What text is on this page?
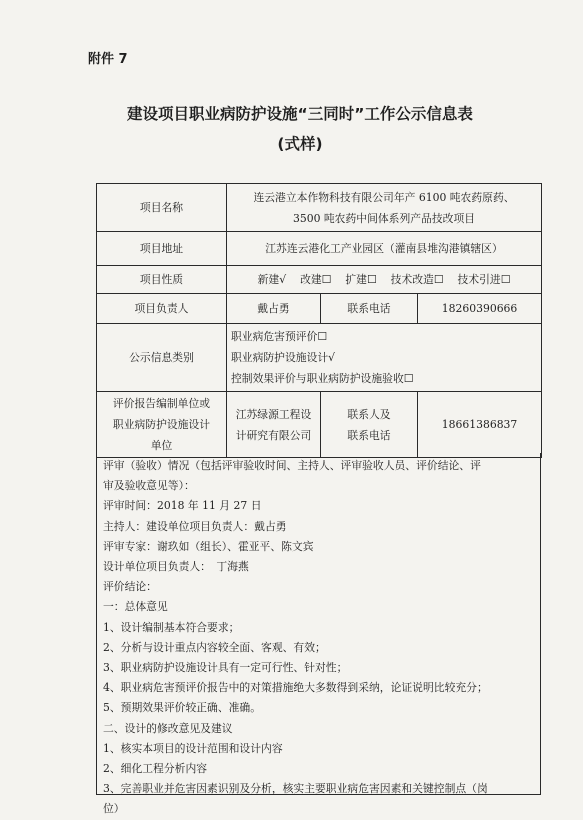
附件 7
建设项目职业病防护设施“三同时”工作公示信息表
(式样)
项目名称	连云港立本作物科技有限公司年产 6100 吨农药原药、
3500 吨农药中间体系列产品技改项目		

项目地址	江苏连云港化工产业园区（灌南县堆沟港镇辖区）		
项目性质	新建√ 改建☐ 扩建☐ 技术改造☐ 技术引进☐		
项目负责人	戴占勇	联系电话	18260390666
公示信息类别	职业病危害预评价☐
职业病防护设施设计√
控制效果评价与职业病防护设施验收☐		

评价报告编制单位或
职业病防护设施设计
单位	江苏绿源工程设
计研究有限公司	联系人及
联系电话	18661386837
评审（验收）情况（包括评审验收时间、主持人、评审验收人员、评价结论、评
审及验收意见等）：
评审时间：2018 年 11 月 27 日
主持人：建设单位项目负责人：戴占勇
评审专家：谢玖如（组长）、霍亚平、陈文宾
设计单位项目负责人：　丁海燕
评价结论：
一：总体意见
1、设计编制基本符合要求；
2、分析与设计重点内容较全面、客观、有效；
3、职业病防护设施设计具有一定可行性、针对性；
4、职业病危害预评价报告中的对策措施绝大多数得到采纳，论证说明比较充分；
5、预期效果评价较正确、准确。
二、设计的修改意见及建议
1、核实本项目的设计范围和设计内容
2、细化工程分析内容
3、完善职业并危害因素识别及分析，核实主要职业病危害因素和关键控制点（岗
位）
